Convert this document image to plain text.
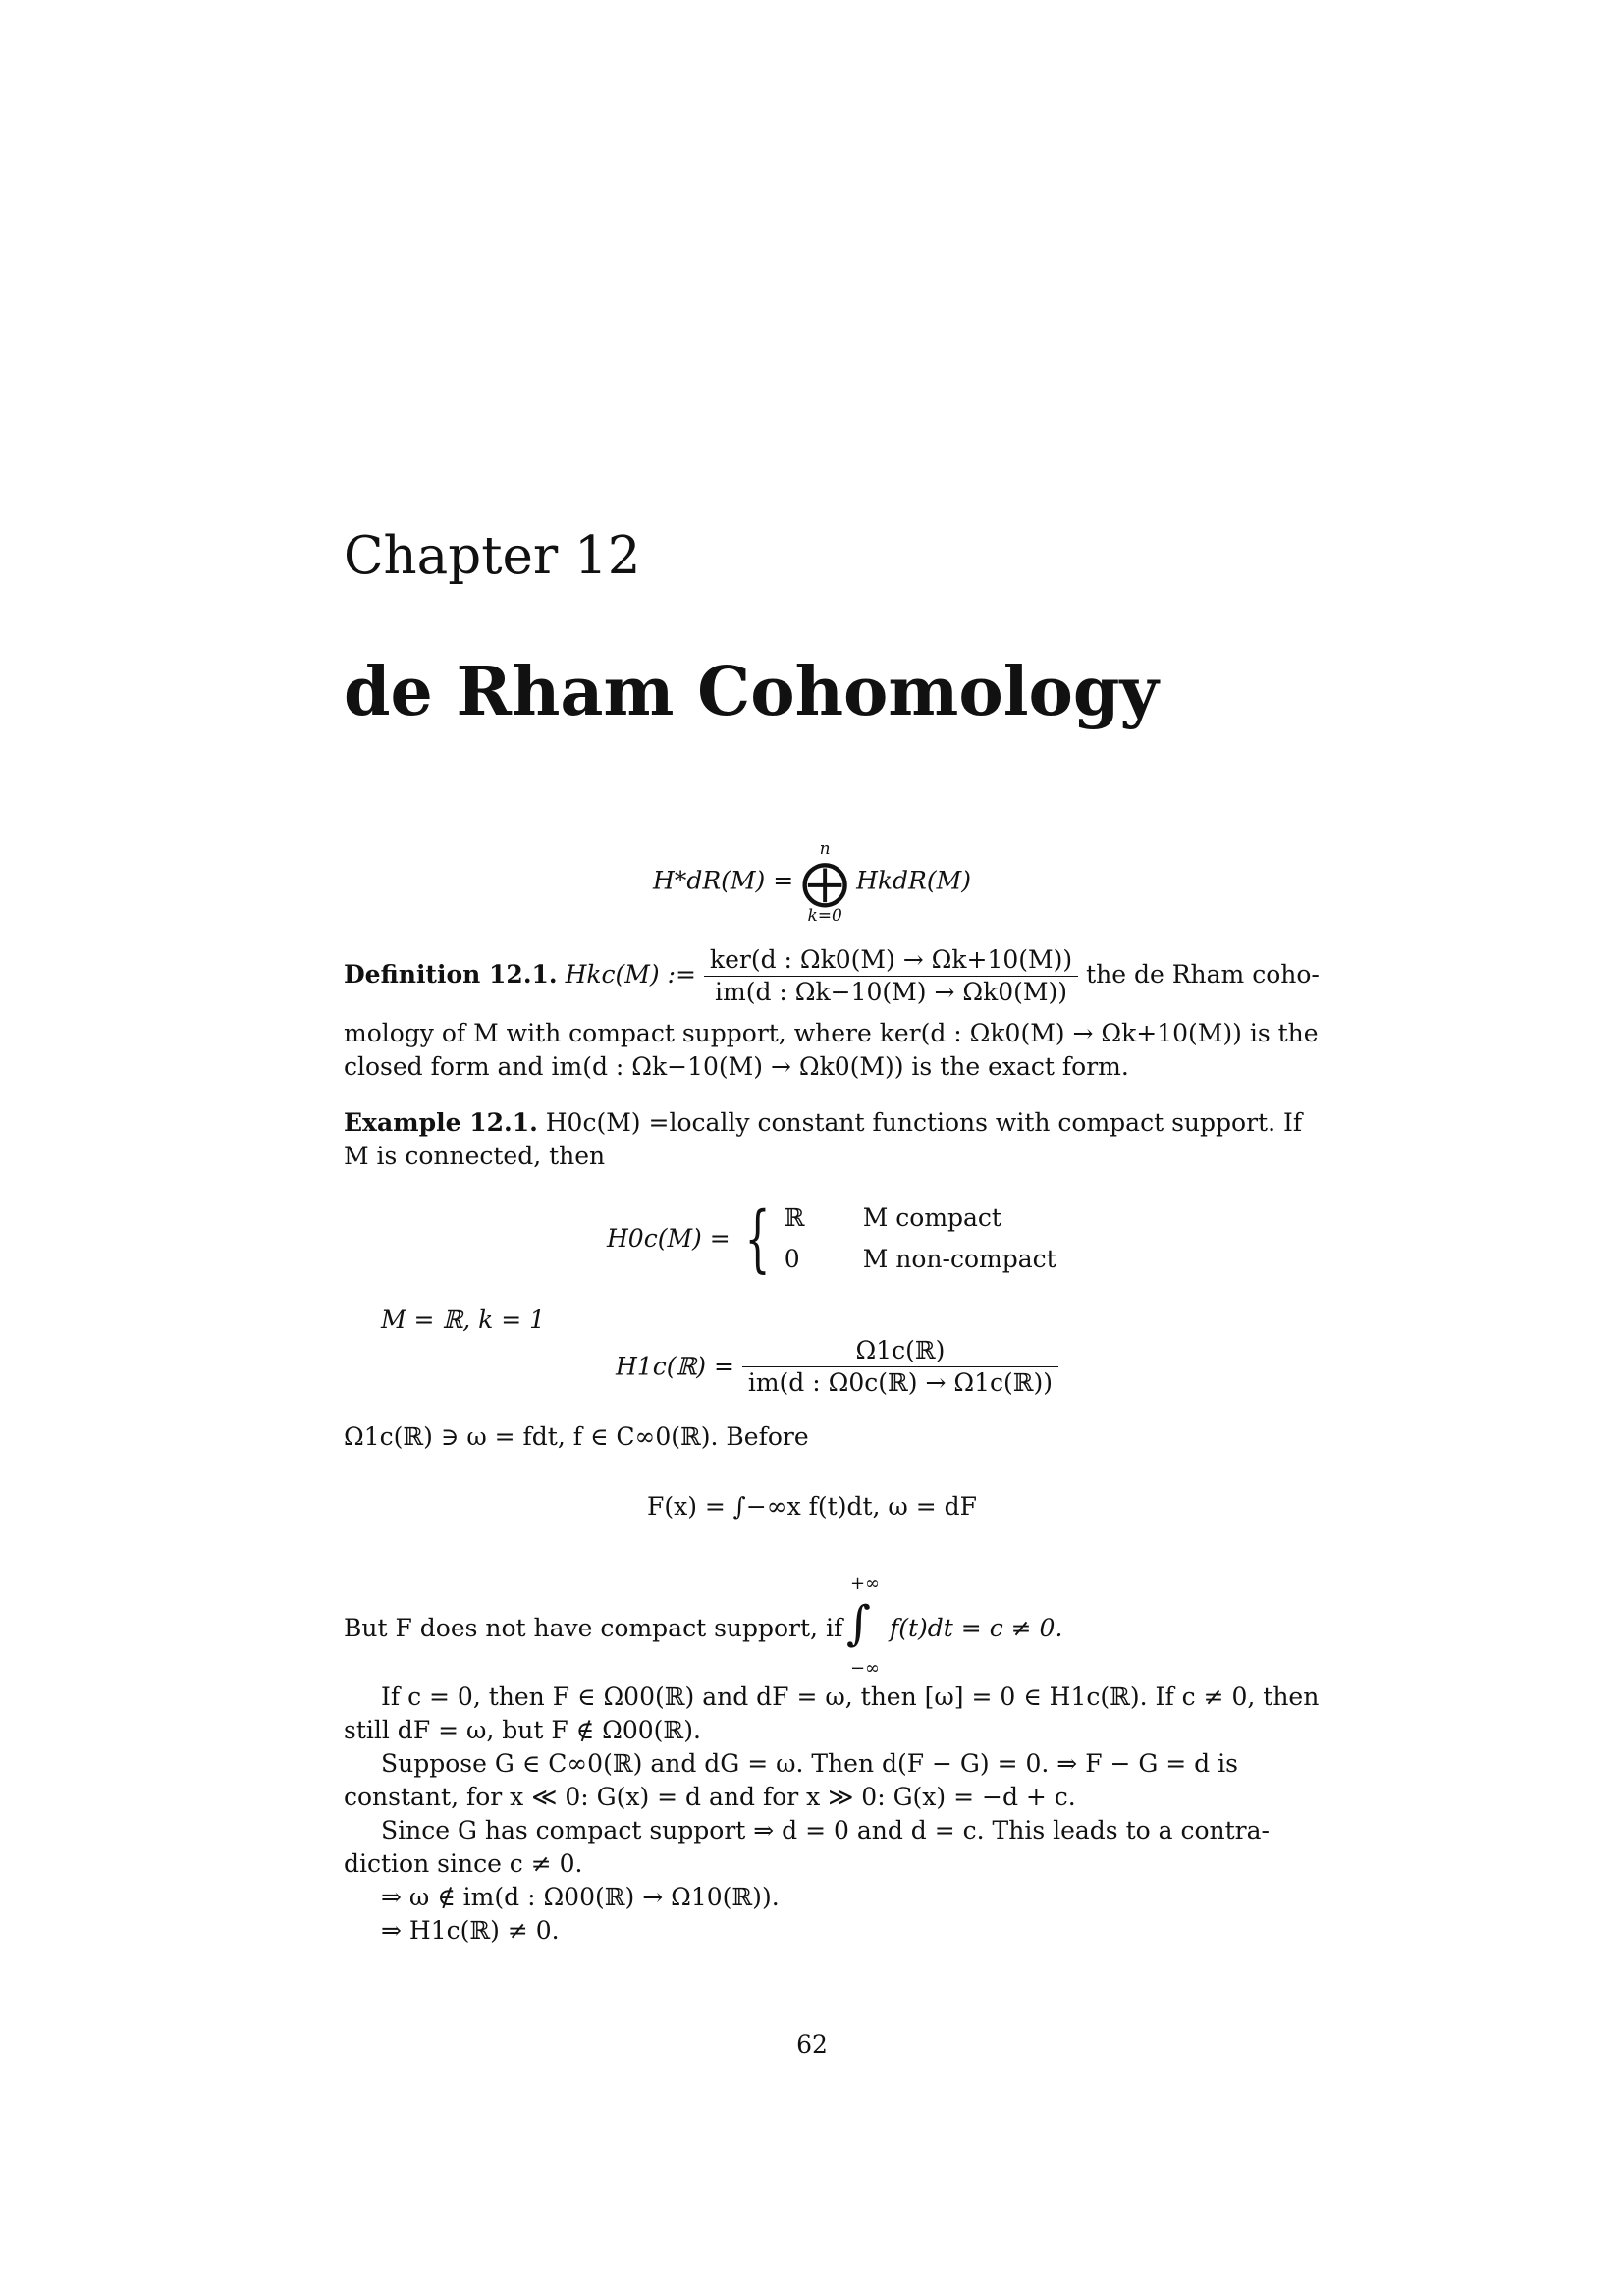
Chapter 12
de Rham Cohomology
H*dR(M) =
n
⨁
k=0
HkdR(M)
Definition 12.1. Hkc(M) := $\frac{\text{ker(d : Ωk0(M) → Ωk+10(M))}}{im(d : \Omega k-10(M) \to \Omega k0(M))}$ the de Rham coho-
mology of M with compact support, where ker(d : Ωk0(M) → Ωk+10(M)) is the
closed form and im(d : Ωk−10(M) → Ωk0(M)) is the exact form.
Example 12.1. H0c(M) =locally constant functions with compact support. If
M is connected, then
H0c(M) = { ℝ M compact
0	M non-compact
M = ℝ, k = 1
H1c(ℝ) = $\frac{\text{Ω1c(ℝ)}}{\text{im(d : Ω0c(ℝ) → Ω1c(ℝ))}}$
Ω1c(ℝ) ∋ ω = fdt, f ∈ C∞0(ℝ). Before
F(x) = ∫−∞x f(t)dt, ω = dF
But F does not have compact support, if
+∞
∫
−∞
f(t)dt = c ≠ 0.
If c = 0, then F ∈ Ω00(ℝ) and dF = ω, then [ω] = 0 ∈ H1c(ℝ). If c ≠ 0, then
still dF = ω, but F ∉ Ω00(ℝ).
Suppose G ∈ C∞0(ℝ) and dG = ω. Then d(F − G) = 0. ⇒ F − G = d is
constant, for x ≪ 0: G(x) = d and for x ≫ 0: G(x) = −d + c.
Since G has compact support ⇒ d = 0 and d = c. This leads to a contra-
diction since c ≠ 0.
⇒ ω ∉ im(d : Ω00(ℝ) → Ω10(ℝ)).
⇒ H1c(ℝ) ≠ 0.
62
